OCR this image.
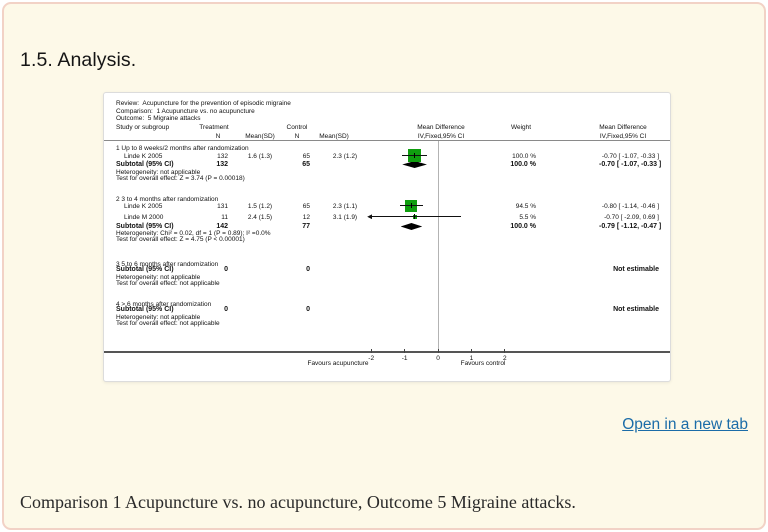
1.5. Analysis.
Review:  Acupuncture for the prevention of episodic migraine
Comparison:  1 Acupuncture vs. no acupuncture
Outcome:  5 Migraine attacks
Favours acupuncture	Favours control
Study or subgroup	Treatment	Control	Mean Difference	Weight	Mean Difference
N	Mean(SD)	N	Mean(SD)	IV,Fixed,95% CI	IV,Fixed,95% CI
1 Up to 8 weeks/2 months after randomization
Linde K 2005	132	1.6 (1.3)	65	2.3 (1.2)	100.0 %	-0.70 [ -1.07, -0.33 ]
Subtotal (95% CI)	132	65	100.0 %	-0.70 [ -1.07, -0.33 ]
Heterogeneity: not applicable
Test for overall effect: Z = 3.74 (P = 0.00018)
2 3 to 4 months after randomization
Linde K 2005	131	1.5 (1.2)	65	2.3 (1.1)	94.5 %	-0.80 [ -1.14, -0.46 ]
Linde M 2000	11	2.4 (1.5)	12	3.1 (1.9)	5.5 %	-0.70 [ -2.09, 0.69 ]
Subtotal (95% CI)	142	77	100.0 %	-0.79 [ -1.12, -0.47 ]
Heterogeneity: Chi² = 0.02, df = 1 (P = 0.89); I² =0.0%
Test for overall effect: Z = 4.75 (P < 0.00001)
3 5 to 6 months after randomization
Subtotal (95% CI)	0	0	Not estimable
Heterogeneity: not applicable
Test for overall effect: not applicable
4 > 6 months after randomization
Subtotal (95% CI)	0	0	Not estimable
Heterogeneity: not applicable
Test for overall effect: not applicable
-2	-1	0	1	2
Open in a new tab

Comparison 1 Acupuncture vs. no acupuncture, Outcome 5 Migraine attacks.
